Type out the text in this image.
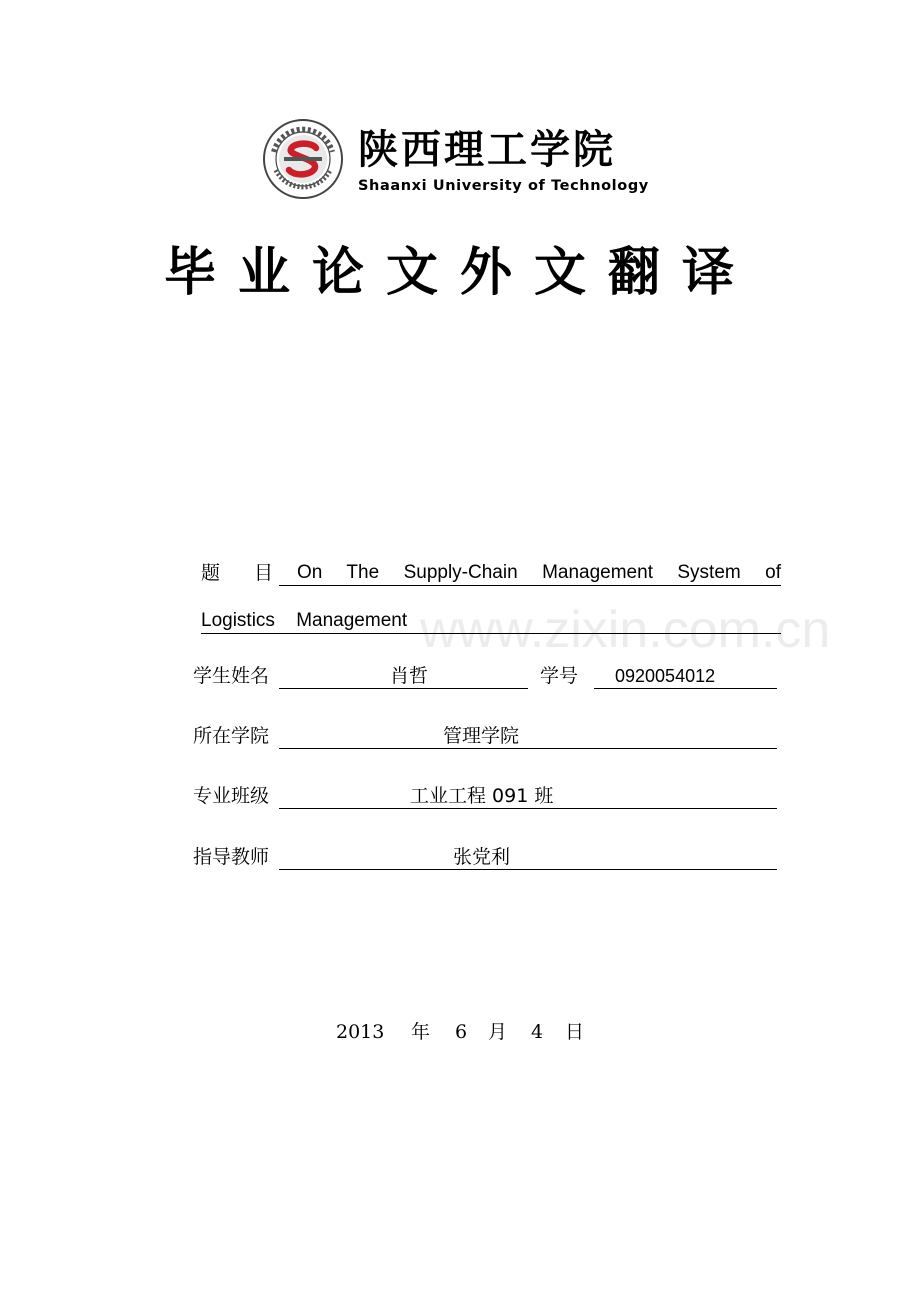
陕西理工学院
Shaanxi University of Technology
毕业论文外文翻译
www.zixin.com.cn
题 目 On The Supply-Chain Management System of
Logistics Management
学生姓名	肖哲	学号 0920054012
所在学院	管理学院
专业班级	工业工程 091 班
指导教师	张党利
2013 年 6 月 4 日
